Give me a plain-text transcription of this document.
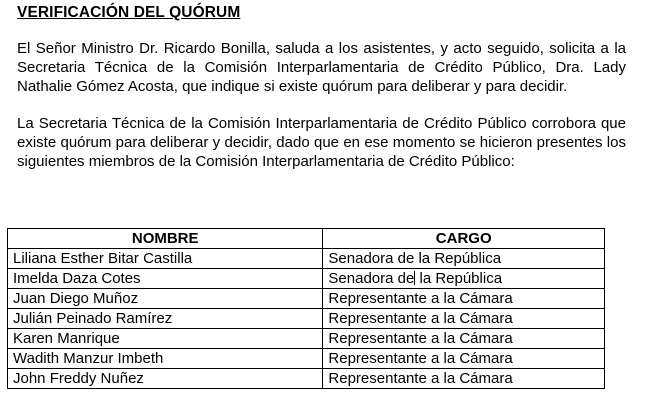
VERIFICACIÓN DEL QUÓRUM

El Señor Ministro Dr. Ricardo Bonilla, saluda a los asistentes, y acto seguido, solicita a la Secretaria Técnica de la Comisión Interparlamentaria de Crédito Público, Dra. Lady Nathalie Gómez Acosta, que indique si existe quórum para deliberar y para decidir.

La Secretaria Técnica de la Comisión Interparlamentaria de Crédito Público corrobora que existe quórum para deliberar y decidir, dado que en ese momento se hicieron presentes los siguientes miembros de la Comisión Interparlamentaria de Crédito Público:

NOMBRE	CARGO
Liliana Esther Bitar Castilla	Senadora de la República
Imelda Daza Cotes	Senadora de la República
Juan Diego Muñoz	Representante a la Cámara
Julián Peinado Ramírez	Representante a la Cámara
Karen Manrique	Representante a la Cámara
Wadith Manzur Imbeth	Representante a la Cámara
John Freddy Nuñez	Representante a la Cámara
